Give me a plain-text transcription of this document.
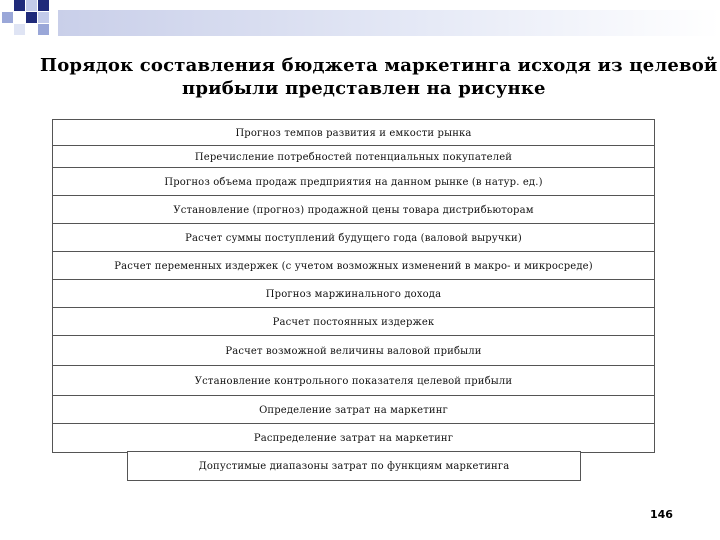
Порядок составления бюджета маркетинга исходя из целевой
прибыли представлен на рисунке
Прогноз темпов развития и емкости рынка
Перечисление потребностей потенциальных покупателей
Прогноз объема продаж предприятия на данном рынке (в натур. ед.)
Установление (прогноз) продажной цены товара дистрибьюторам
Расчет суммы поступлений будущего года (валовой выручки)
Расчет переменных издержек (с учетом возможных изменений в макро- и микросреде)
Прогноз маржинального дохода
Расчет постоянных издержек
Расчет возможной величины валовой прибыли
Установление контрольного показателя целевой прибыли
Определение затрат на маркетинг
Распределение затрат на маркетинг
Допустимые диапазоны затрат по функциям маркетинга
146
